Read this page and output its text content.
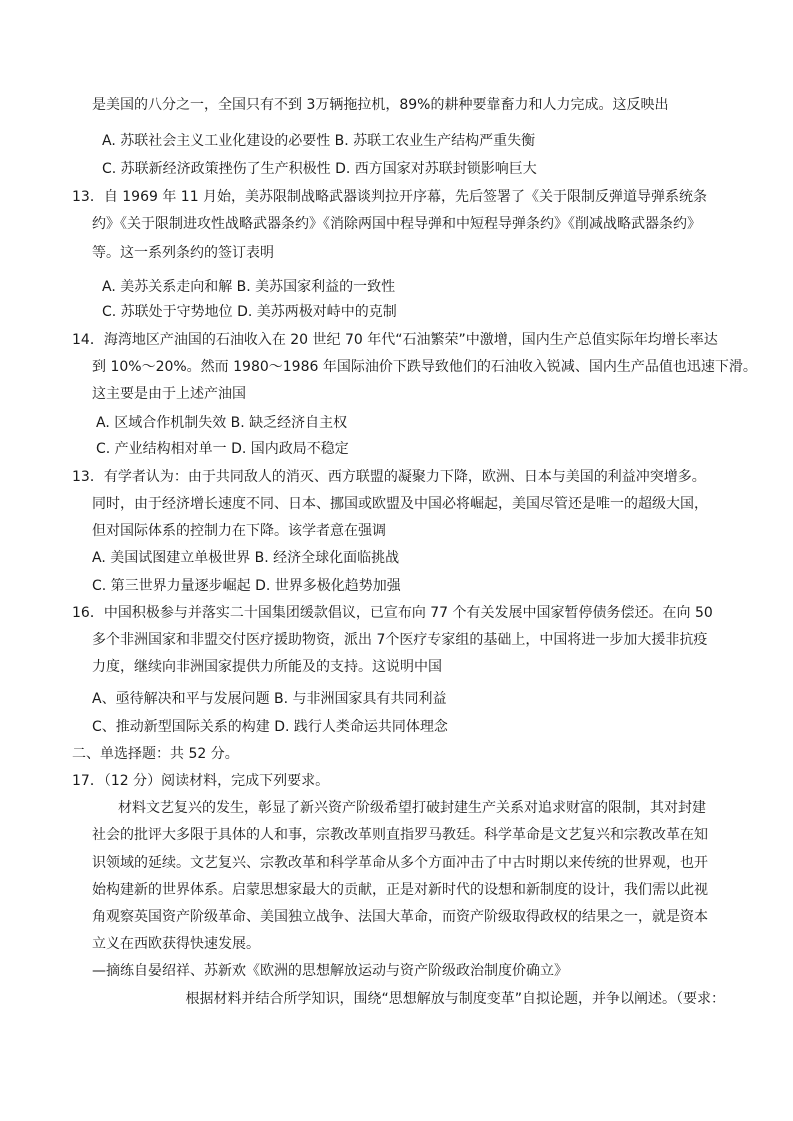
是美国的八分之一，全国只有不到 3万辆拖拉机，89%的耕种要靠畜力和人力完成。这反映出
A. 苏联社会主义工业化建设的必要性 B. 苏联工农业生产结构严重失衡
C. 苏联新经济政策挫伤了生产积极性 D. 西方国家对苏联封锁影响巨大
13．自 1969 年 11 月始，美苏限制战略武器谈判拉开序幕，先后签署了《关于限制反弹道导弹系统条
约》《关于限制进攻性战略武器条约》《消除两国中程导弹和中短程导弹条约》《削减战略武器条约》
等。这一系列条约的签订表明
A. 美苏关系走向和解 B. 美苏国家利益的一致性
C. 苏联处于守势地位 D. 美苏两极对峙中的克制
14．海湾地区产油国的石油收入在 20 世纪 70 年代“石油繁荣”中激增，国内生产总值实际年均增长率达
到 10%～20%。然而 1980～1986 年国际油价下跌导致他们的石油收入锐减、国内生产品值也迅速下滑。
这主要是由于上述产油国
A. 区域合作机制失效 B. 缺乏经济自主权
C. 产业结构相对单一 D. 国内政局不稳定
13．有学者认为：由于共同敌人的消灭、西方联盟的凝聚力下降，欧洲、日本与美国的利益冲突增多。
同时，由于经济增长速度不同、日本、挪国或欧盟及中国必将崛起，美国尽管还是唯一的超级大国，
但对国际体系的控制力在下降。该学者意在强调
A. 美国试图建立单极世界 B. 经济全球化面临挑战
C. 第三世界力量逐步崛起 D. 世界多极化趋势加强
16．中国积极参与并落实二十国集团缓款倡议，已宣布向 77 个有关发展中国家暂停债务偿还。在向 50
多个非洲国家和非盟交付医疗援助物资，派出 7个医疗专家组的基础上，中国将进一步加大援非抗疫
力度，继续向非洲国家提供力所能及的支持。这说明中国
A、亟待解决和平与发展问题 B. 与非洲国家具有共同利益
C、推动新型国际关系的构建 D. 践行人类命运共同体理念
二、单选择题：共 52 分。
17．（12 分）阅读材料，完成下列要求。
材料文艺复兴的发生，彰显了新兴资产阶级希望打破封建生产关系对追求财富的限制，其对封建
社会的批评大多限于具体的人和事，宗教改革则直指罗马教廷。科学革命是文艺复兴和宗教改革在知
识领域的延续。文艺复兴、宗教改革和科学革命从多个方面冲击了中古时期以来传统的世界观，也开
始构建新的世界体系。启蒙思想家最大的贡献，正是对新时代的设想和新制度的设计，我们需以此视
角观察英国资产阶级革命、美国独立战争、法国大革命，而资产阶级取得政权的结果之一，就是资本
立义在西欧获得快速发展。
—摘练自晏绍祥、苏新欢《欧洲的思想解放运动与资产阶级政治制度价确立》
根据材料并结合所学知识，围绕“思想解放与制度变革”自拟论题，并争以阐述。（要求：
